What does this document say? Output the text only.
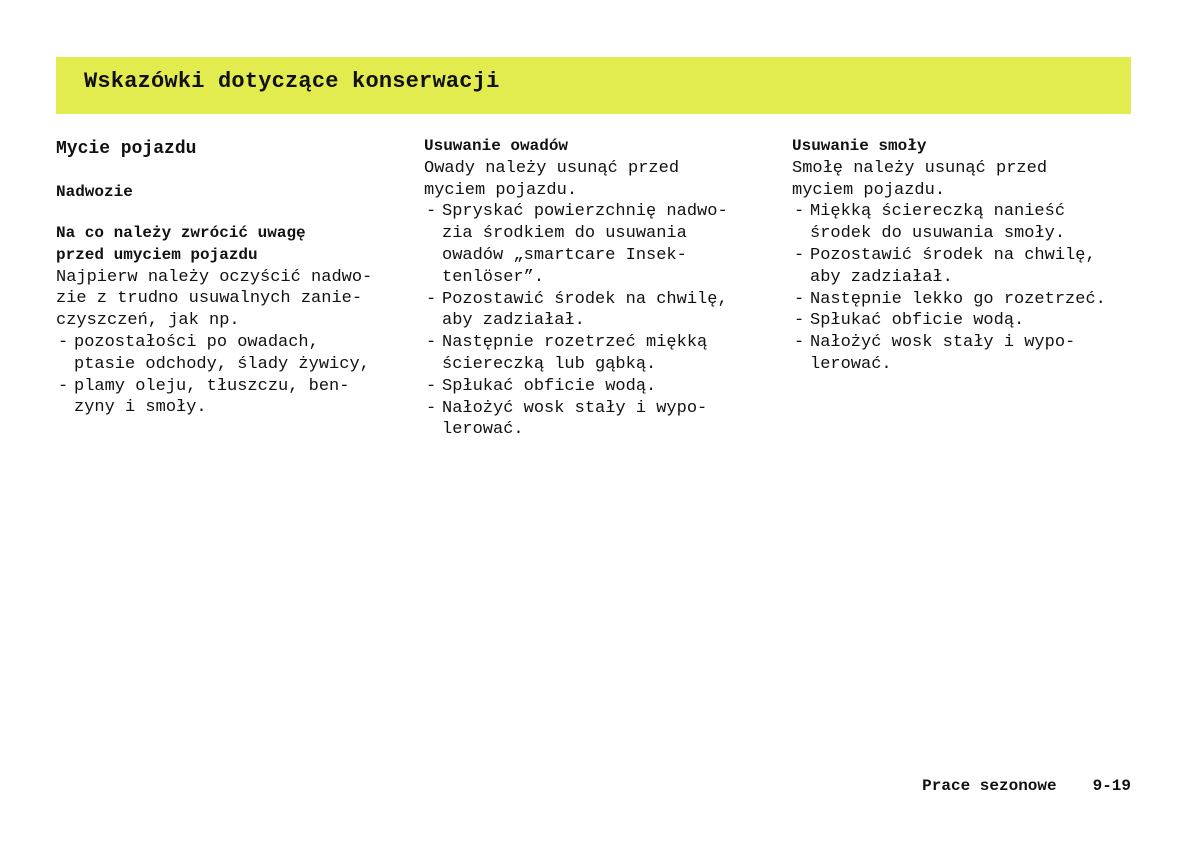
Wskazówki dotyczące konserwacji
Mycie pojazdu
Nadwozie
Na co należy zwrócić uwagę
przed umyciem pojazdu
Najpierw należy oczyścić nadwo-
zie z trudno usuwalnych zanie-
czyszczeń, jak np.
- pozostałości po owadach,
ptasie odchody, ślady żywicy,
- plamy oleju, tłuszczu, ben-
zyny i smoły.
Usuwanie owadów
Owady należy usunąć przed
myciem pojazdu.
- Spryskać powierzchnię nadwo-
zia środkiem do usuwania
owadów „smartcare Insek-
tenlöser”.
- Pozostawić środek na chwilę,
aby zadziałał.
- Następnie rozetrzeć miękką
ściereczką lub gąbką.
- Spłukać obficie wodą.
- Nałożyć wosk stały i wypo-
lerować.
Usuwanie smoły
Smołę należy usunąć przed
myciem pojazdu.
- Miękką ściereczką nanieść
środek do usuwania smoły.
- Pozostawić środek na chwilę,
aby zadziałał.
- Następnie lekko go rozetrzeć.
- Spłukać obficie wodą.
- Nałożyć wosk stały i wypo-
lerować.
Prace sezonowe 9-19
